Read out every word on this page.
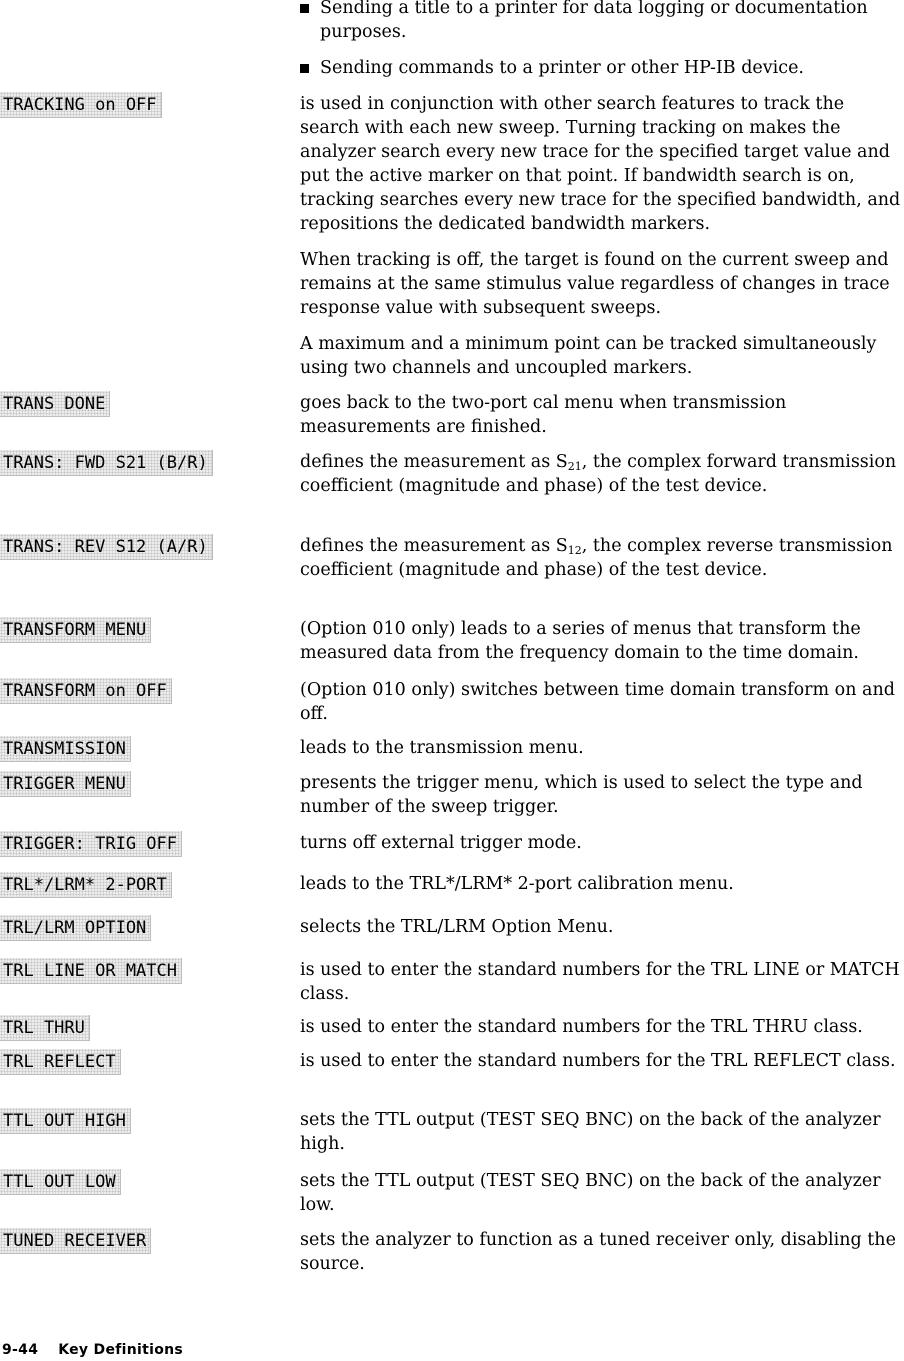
Sending a title to a printer for data logging or documentation purposes.
Sending commands to a printer or other HP-IB device.
TRACKING on OFF	is used in conjunction with other search features to track the search with each new sweep. Turning tracking on makes the analyzer search every new trace for the specified target value and put the active marker on that point. If bandwidth search is on, tracking searches every new trace for the specified bandwidth, and repositions the dedicated bandwidth markers.

When tracking is off, the target is found on the current sweep and remains at the same stimulus value regardless of changes in trace response value with subsequent sweeps.

A maximum and a minimum point can be tracked simultaneously using two channels and uncoupled markers.

TRANS DONE	goes back to the two-port cal menu when transmission measurements are finished.

TRANS: FWD S21 (B/R)	defines the measurement as $S_{21}$, the complex forward transmission coefficient (magnitude and phase) of the test device.

TRANS: REV S12 (A/R)	defines the measurement as $S_{12}$, the complex reverse transmission coefficient (magnitude and phase) of the test device.

TRANSFORM MENU	(Option 010 only) leads to a series of menus that transform the measured data from the frequency domain to the time domain.

TRANSFORM on OFF	(Option 010 only) switches between time domain transform on and off.

TRANSMISSION	leads to the transmission menu.

TRIGGER MENU	presents the trigger menu, which is used to select the type and number of the sweep trigger.

TRIGGER: TRIG OFF	turns off external trigger mode.

TRL*/LRM* 2-PORT	leads to the TRL*/LRM* 2-port calibration menu.

TRL/LRM OPTION	selects the TRL/LRM Option Menu.

TRL LINE OR MATCH	is used to enter the standard numbers for the TRL LINE or MATCH class.

TRL THRU	is used to enter the standard numbers for the TRL THRU class.

TRL REFLECT	is used to enter the standard numbers for the TRL REFLECT class.

TTL OUT HIGH	sets the TTL output (TEST SEQ BNC) on the back of the analyzer high.

TTL OUT LOW	sets the TTL output (TEST SEQ BNC) on the back of the analyzer low.

TUNED RECEIVER	sets the analyzer to function as a tuned receiver only, disabling the source.

9-44 Key Definitions
